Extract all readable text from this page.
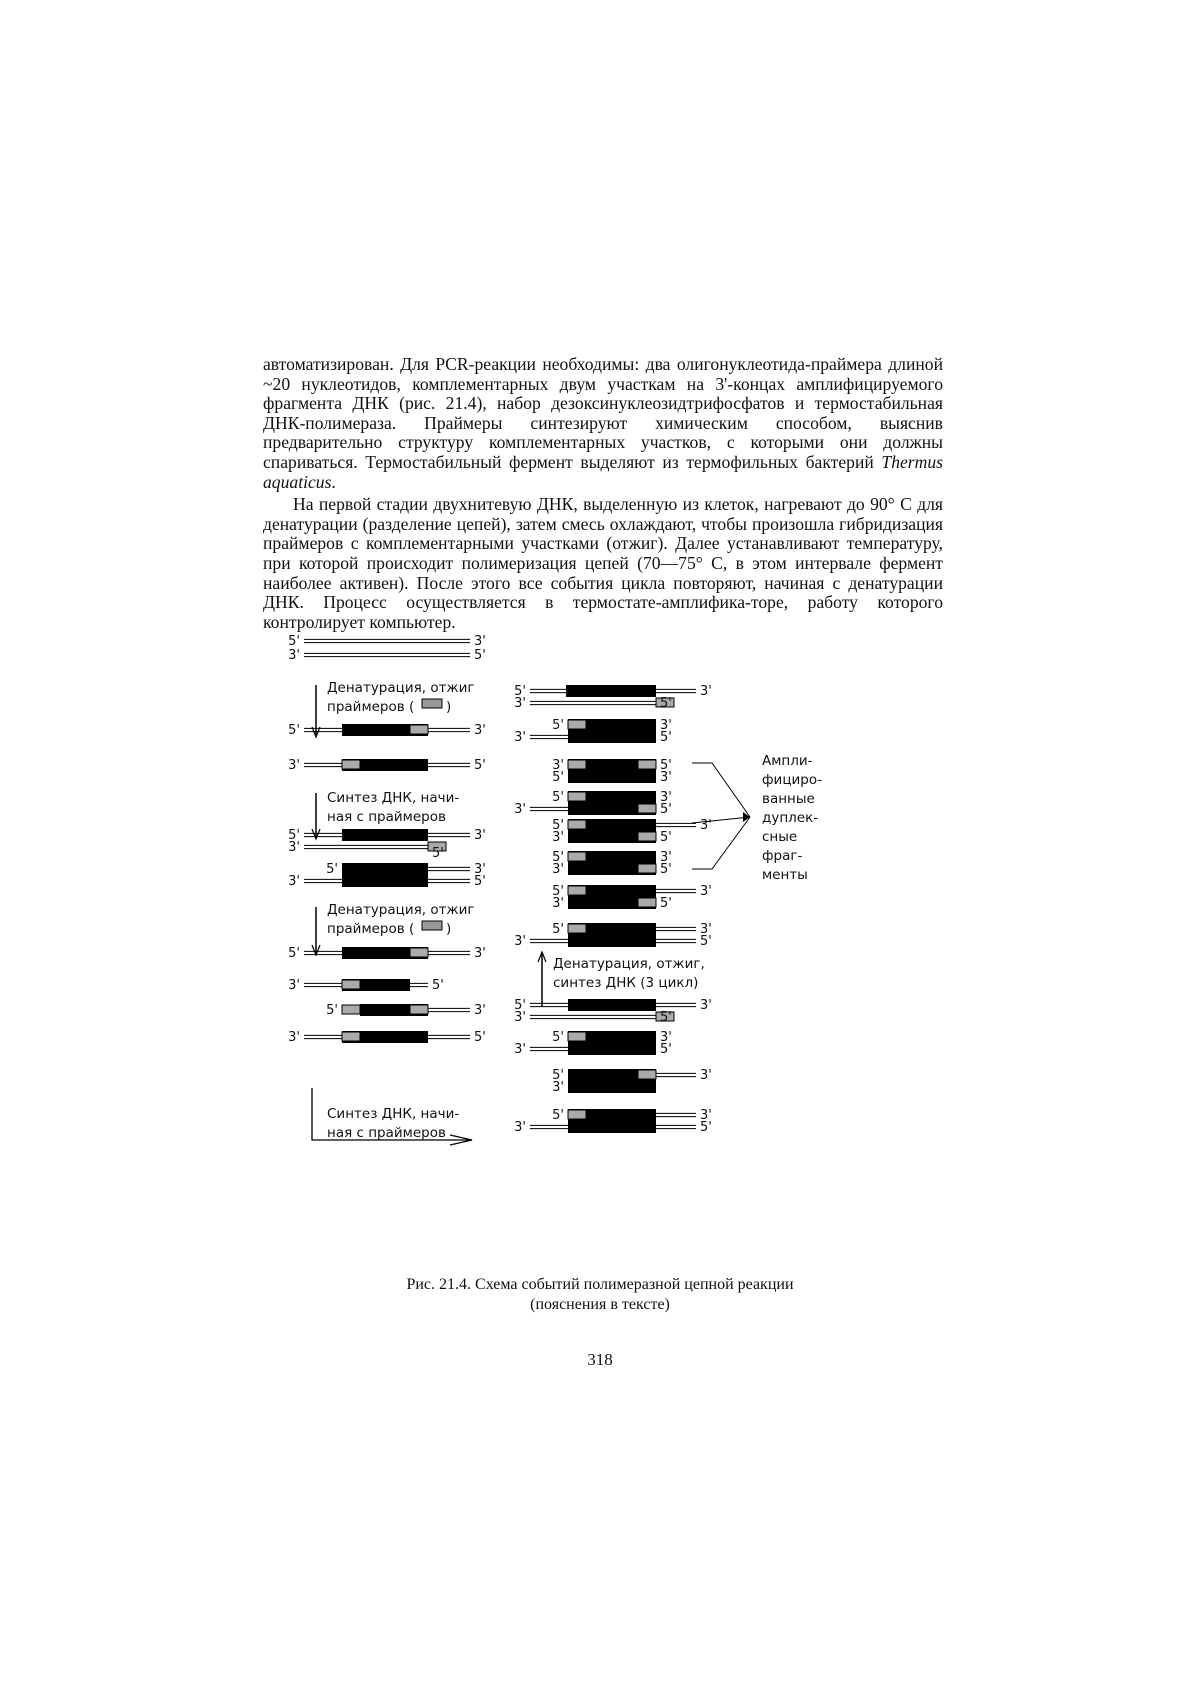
автоматизирован. Для PCR-реакции необходимы: два олигонуклеотида-праймера длиной ~20 нуклеотидов, комплементарных двум участкам на 3'-концах амплифицируемого фрагмента ДНК (рис. 21.4), набор дезоксинуклеозидтрифосфатов и термостабильная ДНК-полимераза. Праймеры синтезируют химическим способом, выяснив предварительно структуру комплементарных участков, с которыми они должны спариваться. Термостабильный фермент выделяют из термофильных бактерий Thermus aquaticus.

На первой стадии двухнитевую ДНК, выделенную из клеток, нагревают до 90° С для денатурации (разделение цепей), затем смесь охлаждают, чтобы произошла гибридизация праймеров с комплементарными участками (отжиг). Далее устанавливают температуру, при которой происходит полимеризация цепей (70—75° С, в этом интервале фермент наиболее активен). После этого все события цикла повторяют, начиная с денатурации ДНК. Процесс осуществляется в термостате-амплифика-торе, работу которого контролирует компьютер.

5'	3'
3'	5'
5'	3'
3'	5'
5'	3'
3'	5'
5'	3'
3'	5'
5'	3'
3'	5'
5'	3'
3'	5'
5'	3'
3'	5'
5'	3'
3'	5'
3'	5'
5'	3'
5'	3'
3'	5'
5'	3'
3'	5'
5'	3'
3'	5'
5'	3'
3'	5'
5'	3'
3'	5'
5'	3'
3'	5'
5'	3'
3'	5'
5'	3'
3'
5'	3'
3'	5'
Денатурация, отжиг
праймеров ( )
Синтез ДНК, начи-
ная с праймеров
Денатурация, отжиг
праймеров ( )
Синтез ДНК, начи-
ная с праймеров
Денатурация, отжиг,
синтез ДНК (3 цикл)
Ампли-
фициро-
ванные
дуплек-
сные
фраг-
менты
Рис. 21.4. Схема событий полимеразной цепной реакции
(пояснения в тексте)
318
